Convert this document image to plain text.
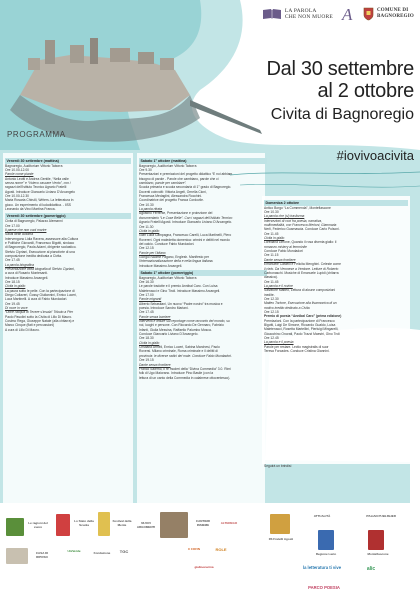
LA PAROLA
CHE NON MUORE A	COMUNE DI
BAGNOREGIO
Dal 30 settembre
al 2 ottobre
Civita di Bagnoregio
#iovivoacivita
PROGRAMMA
Venerdì 30 settembre (mattina)

Bagnoregio, Auditorium Vittorio Taborra

Ore 10.00-12.00

Parole come piante

Antonio Leotti e Andrea Gentile, “Nella valle

senza nome” e “Volevo cascare Vento”, con i

ragazzi dell’Istituto Tecnico Agrario Fratelli

Agosti. Introduce Giancarlo Liviano D’Arcangelo

Ore 10.00-12.30

Maria Rosaria Chirulli, Writers. La letteratura in

gioco. Un esperimento di ludodidattica. - IISS

Leonardo da Vinci Martina Franca.

Venerdì 30 settembre (pomeriggio)

Civita di Bagnoregio, Palazzo Alemanni

Ore 17.00

Il paese che non vuol morire

Saluti delle autorità

Intervengono Lidia Ravera, assessore alla Cultura

e Politiche Giovanili, Francesco Bigotti, sindaco

di Bagnoregio, Paola Adami, dirigente scolastico.

Stelvio Cipriani, Esecuzione al pianoforte di una

composizione inedita dedicata a Civita.

Ore 17.45

La parola biografica

Presentazione della biografia di Stelvio Cipriani,

a cura di Rosario Montesanti.

Introduce Massimo Arcangeli.

Ore 18.15

Civita in giallo

La paura sotto le pelle. Con la partecipazione di

Diego Collaveri, Gossy Giuliannini, Enrico Luceri,

Luca Martinelli. A cura di Fabio Mundadori.

Ore 19.45

Di noce in voce

“Dove l’acqua di Tevere s’insala” Tributo a Pier

Paolo Pasolini sotto la Civita di Lillo Di Mauro.

Cosimo Rega, Giuseppe Natale (alla chitarra) e

Marco Cinque (flati e percussioni)

A cura di Lillo Di Mauro.

Sabato 1° ottobre (mattina)

Bagnoregio, Auditorium Vittorio Taborra

Ore 9.30

Presentazioni e premiazioni del progetto didattico “E noi abbiam

bisogno di parole - Parole che cambiano, parole che ci

cambiano, parole per cambiare”.

Scuola primaria e scuola secondaria di 1° grado di Bagnoregio.

Docenti coinvolti: Vittoria Angeli, Ornella Cioni,

Francesca Medaglini, Alessandra Rocchini.

Coordinatrice del progetto Franca Cordovile.

Ore 10.30

La parola ritrata

Agostino Ferrente, Presentazione e proiezione del

documentario “Le Cose Belle”. Con i ragazzi dell’Istituto Tecnico

Agrario Fratelli Agosti. Introduce Giancarlo Liviano D’Arcangelo.

Ore 11.30

Civita in giallo

Gian Luca Campagna, Francesco Carelli, Luca Martinelli, Piero

Rovereri. Ogni maledetta domenica: crimini e delitti nel mondo

del calcio. Conduce Fabio Mundadori.

Ore 12.15

Parole per l’Idiano

Giorgio Nadme Pagano, Englesh. Manifesto per

l’internazionalizzazione della e nella lingua italiana.

Introduce Massimo Arcangeli.

Sabato 1° ottobre (pomeriggio)

Bagnoregio, Auditorium Vittorio Taborra

Ore 16.30

Le parole tradotte e il premio Annibal Caro. Con Luisa

Maletenacci e Gino Tiroli. Introduce Massimo Arcangeli.

Ore 17.00

Parole migranti

Alberto Sebastiani, Un nuovo “Padre nostro” tra musica e

poesia. Introduce Sandro Mariani.

Ore 17.45

Parole senza barriere

Interventi e letture sul reportage come racconto del mondo, su

noi, luoghi e persone. Con Riccardo De Gennaro, Fabrizio

Infanti, Giulia Messina, Raffaello Palumbo Mosca.

Conduce Giancarlo Liviano D’Arcangelo.

Ore 18.30

Civita in giallo

Cristiana Armeli, Enrico Luceri, Sabina Marchesi, Paolo

Roversi. Milano criminale, Roma criminale e il delitti di

provincia: le diverse radici del male. Conduce Fabio Mundadori.

Ore 19.15

Dante senza frontiere

Franco Salerno, Il re moderi della “Divina Commedia” 3.0. Rimi

folk di Ugo Maiorano. Introduce Pino Basile (con la

lettura di un canto della Commedia in calabrese ottocentesco).

Domenica 2 ottobre

Antico Borgo “La Commenda”, Montefiascone

Ore 10.30

La parola che (si) trasforma

Intersezioni di voci fra poesia, narrativa,

multimedialità, con Francesca Merloni, Gianmaria

Nerli, Federico Guarnascia. Conduce Carlo Pulsoni.

Ore 11.45

Civita in giallo

Loredana Limone, Quando il rosa diventa giallo: il

romanzo mistery al femminile

Conduce Fabio Mundadori

Ore 11.15

Dante senza frontiere

Emanuele Castelli e Felicita Menghini. Celeste come

il cielo. Da Veronese a Verdone. Letture di Roberto

Carbonaschi. Musiche di Emanuele Lupidi (chitarra

classica).

Ore 11.45

La parola e il rovine

Salvatore Matteo, Lettura di alcune composizioni

inedite.

Ore 12.30

Matteo Torlone, Esecuzione alla fisarmonica di un

motivo inedito dedicato a Civita

Ore 12.15

Premio di poesia “Annibal Caro” (prima edizione)

Premiazioni. Con la partecipazione di Francesco

Bigotti, Luigi De Simone, Riccardo Gualdo, Luisa

Maletenacci, Rosetta Martellini, Pierluigi Mingarelli,

Gioacchino Onorati, Paolo Trazzi Maestri, Gino Troli

Ore 12.45

La parola e il poesia

Parole per restare. Lectio magistralis di suor

Teresa Forcades. Conduce Cristina Giannini.

Seguirà un brindisi
Le ragioni del cuore
Lo Stato della Scuola
Festival della Mente	NUOVI ARGOMENTI
CANTIERI INSIEME	ALTEREGO
CASA DI RIPOSO
UniVerde	Fondazione	TGC	X COFIN	ROLE
gialloecucina
ATTUALITÀ	ITALIAN PUBLISHER
IIS Fratelli Agosti
Regione Lazio	Montefiascone
la letteratura ti vive	alic
PARCO POESIA
